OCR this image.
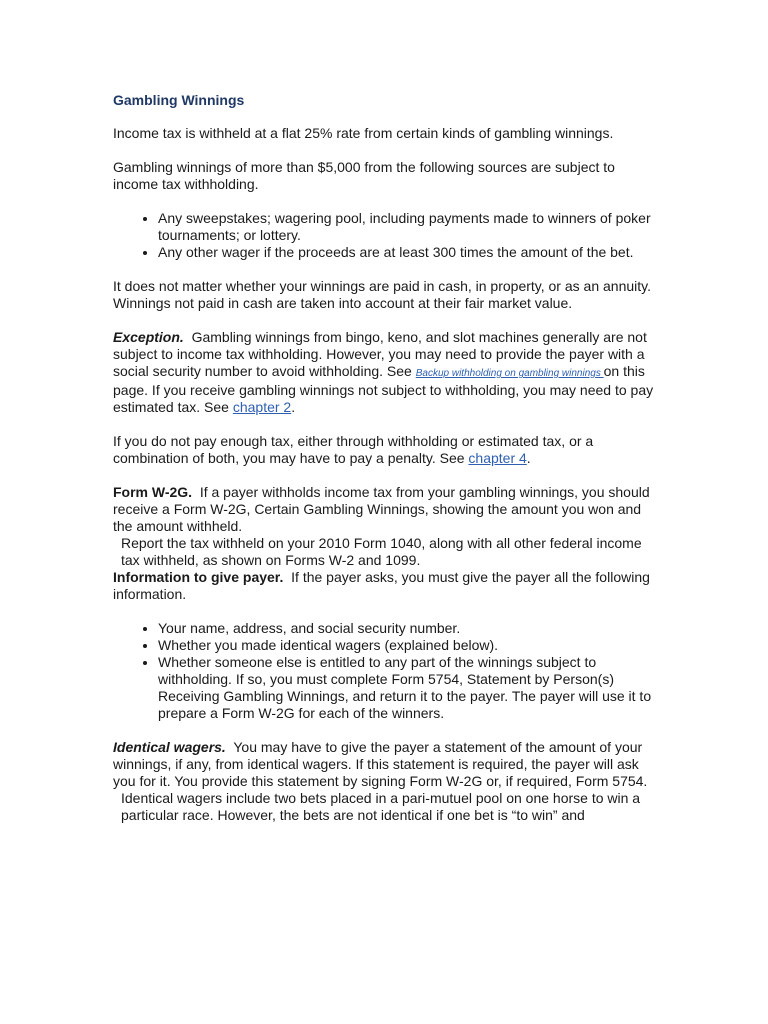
Gambling Winnings

Income tax is withheld at a flat 25% rate from certain kinds of gambling winnings.

Gambling winnings of more than $5,000 from the following sources are subject to income tax withholding.

• Any sweepstakes; wagering pool, including payments made to winners of poker tournaments; or lottery.
• Any other wager if the proceeds are at least 300 times the amount of the bet.

It does not matter whether your winnings are paid in cash, in property, or as an annuity. Winnings not paid in cash are taken into account at their fair market value.

Exception.  Gambling winnings from bingo, keno, and slot machines generally are not subject to income tax withholding. However, you may need to provide the payer with a social security number to avoid withholding. See Backup withholding on gambling winnings on this page. If you receive gambling winnings not subject to withholding, you may need to pay estimated tax. See chapter 2.

If you do not pay enough tax, either through withholding or estimated tax, or a combination of both, you may have to pay a penalty. See chapter 4.

Form W-2G.  If a payer withholds income tax from your gambling winnings, you should receive a Form W-2G, Certain Gambling Winnings, showing the amount you won and the amount withheld.

Report the tax withheld on your 2010 Form 1040, along with all other federal income tax withheld, as shown on Forms W-2 and 1099.

Information to give payer.  If the payer asks, you must give the payer all the following information.

• Your name, address, and social security number.
• Whether you made identical wagers (explained below).
• Whether someone else is entitled to any part of the winnings subject to withholding. If so, you must complete Form 5754, Statement by Person(s) Receiving Gambling Winnings, and return it to the payer. The payer will use it to prepare a Form W-2G for each of the winners.

Identical wagers.  You may have to give the payer a statement of the amount of your winnings, if any, from identical wagers. If this statement is required, the payer will ask you for it. You provide this statement by signing Form W-2G or, if required, Form 5754.

Identical wagers include two bets placed in a pari-mutuel pool on one horse to win a particular race. However, the bets are not identical if one bet is “to win” and
